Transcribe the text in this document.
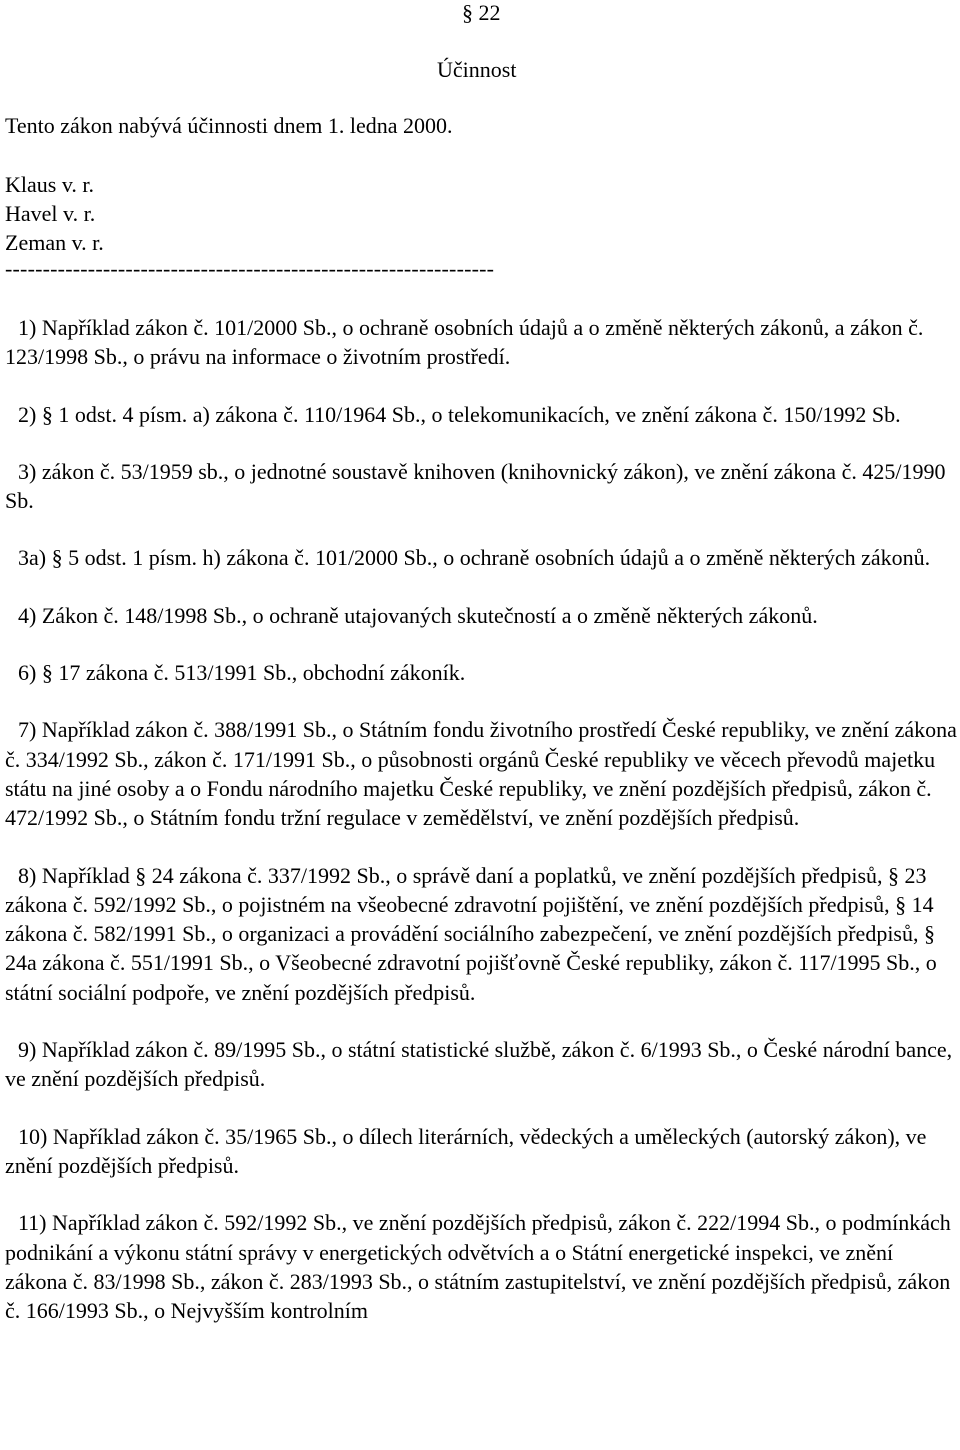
§ 22
Účinnost
Tento zákon nabývá účinnosti dnem 1. ledna 2000.
Klaus v. r.
Havel v. r.
Zeman v. r.
-----------------------------------------------------------------

1) Například zákon č. 101/2000 Sb., o ochraně osobních údajů a o změně některých zákonů, a zákon č. 123/1998 Sb., o právu na informace o životním prostředí.

2) § 1 odst. 4 písm. a) zákona č. 110/1964 Sb., o telekomunikacích, ve znění zákona č. 150/1992 Sb.

3) zákon č. 53/1959 sb., o jednotné soustavě knihoven (knihovnický zákon), ve znění zákona č. 425/1990 Sb.

3a) § 5 odst. 1 písm. h) zákona č. 101/2000 Sb., o ochraně osobních údajů a o změně některých zákonů.

4) Zákon č. 148/1998 Sb., o ochraně utajovaných skutečností a o změně některých zákonů.

6) § 17 zákona č. 513/1991 Sb., obchodní zákoník.

7) Například zákon č. 388/1991 Sb., o Státním fondu životního prostředí České republiky, ve znění zákona č. 334/1992 Sb., zákon č. 171/1991 Sb., o působnosti orgánů České republiky ve věcech převodů majetku státu na jiné osoby a o Fondu národního majetku České republiky, ve znění pozdějších předpisů, zákon č. 472/1992 Sb., o Státním fondu tržní regulace v zemědělství, ve znění pozdějších předpisů.

8) Například § 24 zákona č. 337/1992 Sb., o správě daní a poplatků, ve znění pozdějších předpisů, § 23 zákona č. 592/1992 Sb., o pojistném na všeobecné zdravotní pojištění, ve znění pozdějších předpisů, § 14 zákona č. 582/1991 Sb., o organizaci a provádění sociálního zabezpečení, ve znění pozdějších předpisů, § 24a zákona č. 551/1991 Sb., o Všeobecné zdravotní pojišťovně České republiky, zákon č. 117/1995 Sb., o státní sociální podpoře, ve znění pozdějších předpisů.

9) Například zákon č. 89/1995 Sb., o státní statistické službě, zákon č. 6/1993 Sb., o České národní bance, ve znění pozdějších předpisů.

10) Například zákon č. 35/1965 Sb., o dílech literárních, vědeckých a uměleckých (autorský zákon), ve znění pozdějších předpisů.

11) Například zákon č. 592/1992 Sb., ve znění pozdějších předpisů, zákon č. 222/1994 Sb., o podmínkách podnikání a výkonu státní správy v energetických odvětvích a o Státní energetické inspekci, ve znění zákona č. 83/1998 Sb., zákon č. 283/1993 Sb., o státním zastupitelství, ve znění pozdějších předpisů, zákon č. 166/1993 Sb., o Nejvyšším kontrolním
